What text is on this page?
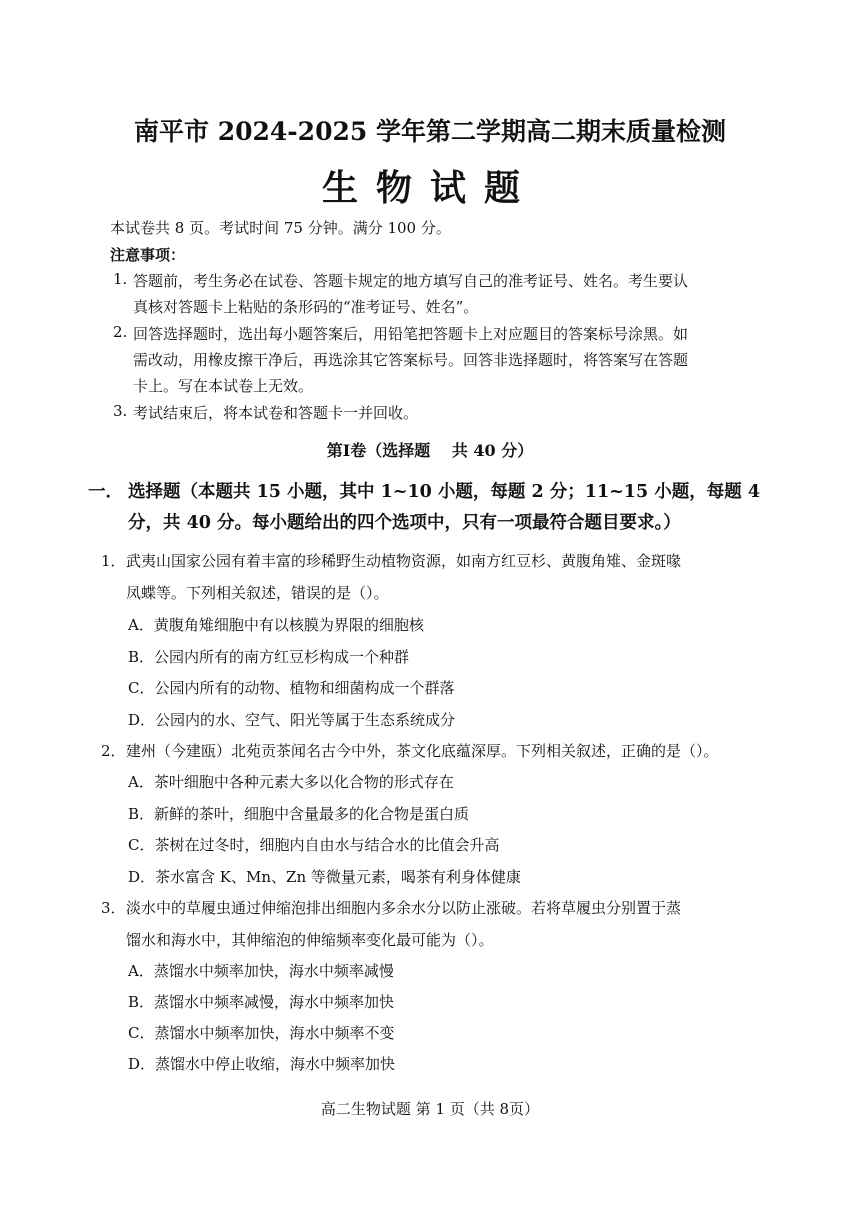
南平市 2024-2025 学年第二学期高二期末质量检测
生物试题
本试卷共 8 页。考试时间 75 分钟。满分 100 分。
注意事项：
1. 答题前，考生务必在试卷、答题卡规定的地方填写自己的准考证号、姓名。考生要认
真核对答题卡上粘贴的条形码的“准考证号、姓名”。
2. 回答选择题时，选出每小题答案后，用铅笔把答题卡上对应题目的答案标号涂黑。如
需改动，用橡皮擦干净后，再选涂其它答案标号。回答非选择题时，将答案写在答题
卡上。写在本试卷上无效。
3. 考试结束后，将本试卷和答题卡一并回收。
第Ⅰ卷（选择题　 共 40 分）
一． 选择题（本题共 15 小题，其中 1~10 小题，每题 2 分；11~15 小题，每题 4
分，共 40 分。每小题给出的四个选项中，只有一项最符合题目要求。）
1． 武夷山国家公园有着丰富的珍稀野生动植物资源，如南方红豆杉、黄腹角雉、金斑喙
凤蝶等。下列相关叙述，错误的是（）。
A．黄腹角雉细胞中有以核膜为界限的细胞核
B．公园内所有的南方红豆杉构成一个种群
C．公园内所有的动物、植物和细菌构成一个群落
D．公园内的水、空气、阳光等属于生态系统成分
2． 建州（今建瓯）北苑贡茶闻名古今中外，茶文化底蕴深厚。下列相关叙述，正确的是（）。
A．茶叶细胞中各种元素大多以化合物的形式存在
B．新鲜的茶叶，细胞中含量最多的化合物是蛋白质
C．茶树在过冬时，细胞内自由水与结合水的比值会升高
D．茶水富含 K、Mn、Zn 等微量元素，喝茶有利身体健康
3． 淡水中的草履虫通过伸缩泡排出细胞内多余水分以防止涨破。若将草履虫分别置于蒸
馏水和海水中，其伸缩泡的伸缩频率变化最可能为（）。
A．蒸馏水中频率加快，海水中频率减慢
B．蒸馏水中频率减慢，海水中频率加快
C．蒸馏水中频率加快，海水中频率不变
D．蒸馏水中停止收缩，海水中频率加快
高二生物试题 第 1 页（共 8页）
